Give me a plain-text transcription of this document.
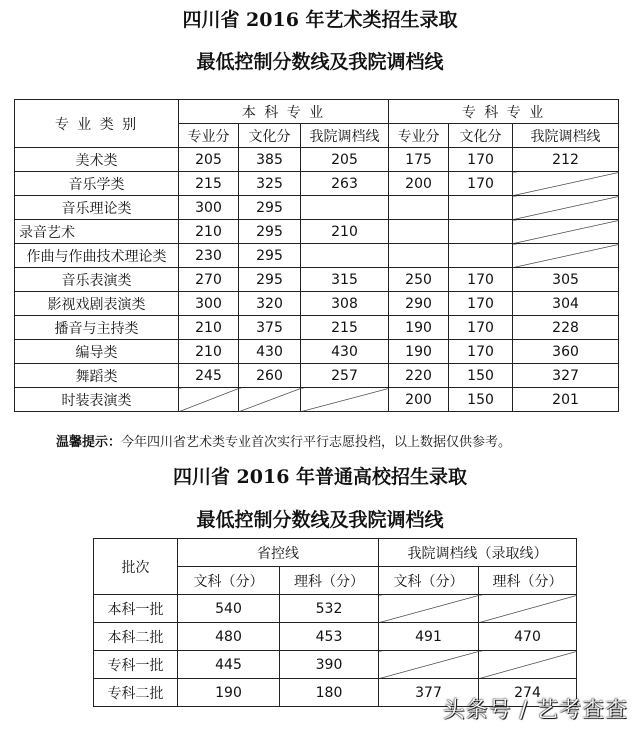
四川省 2016 年艺术类招生录取
最低控制分数线及我院调档线
专 业 类 别	本 科 专 业			专 科 专 业		
	专业分	文化分	我院调档线	专业分	文化分	我院调档线
美术类	205	385	205	175	170	212
音乐学类	215	325	263	200	170	
音乐理论类	300	295				
录音艺术	210	295	210			
作曲与作曲技术理论类	230	295				
音乐表演类	270	295	315	250	170	305
影视戏剧表演类	300	320	308	290	170	304
播音与主持类	210	375	215	190	170	228
编导类	210	430	430	190	170	360
舞蹈类	245	260	257	220	150	327
时装表演类				200	150	201
温馨提示：今年四川省艺术类专业首次实行平行志愿投档，以上数据仅供参考。
四川省 2016 年普通高校招生录取
最低控制分数线及我院调档线
批次	省控线		我院调档线（录取线）	
	文科（分）	理科（分）	文科（分）	理科（分）
本科一批	540	532		
本科二批	480	453	491	470
专科一批	445	390		
专科二批	190	180	377	274
头条号 / 艺考查查
